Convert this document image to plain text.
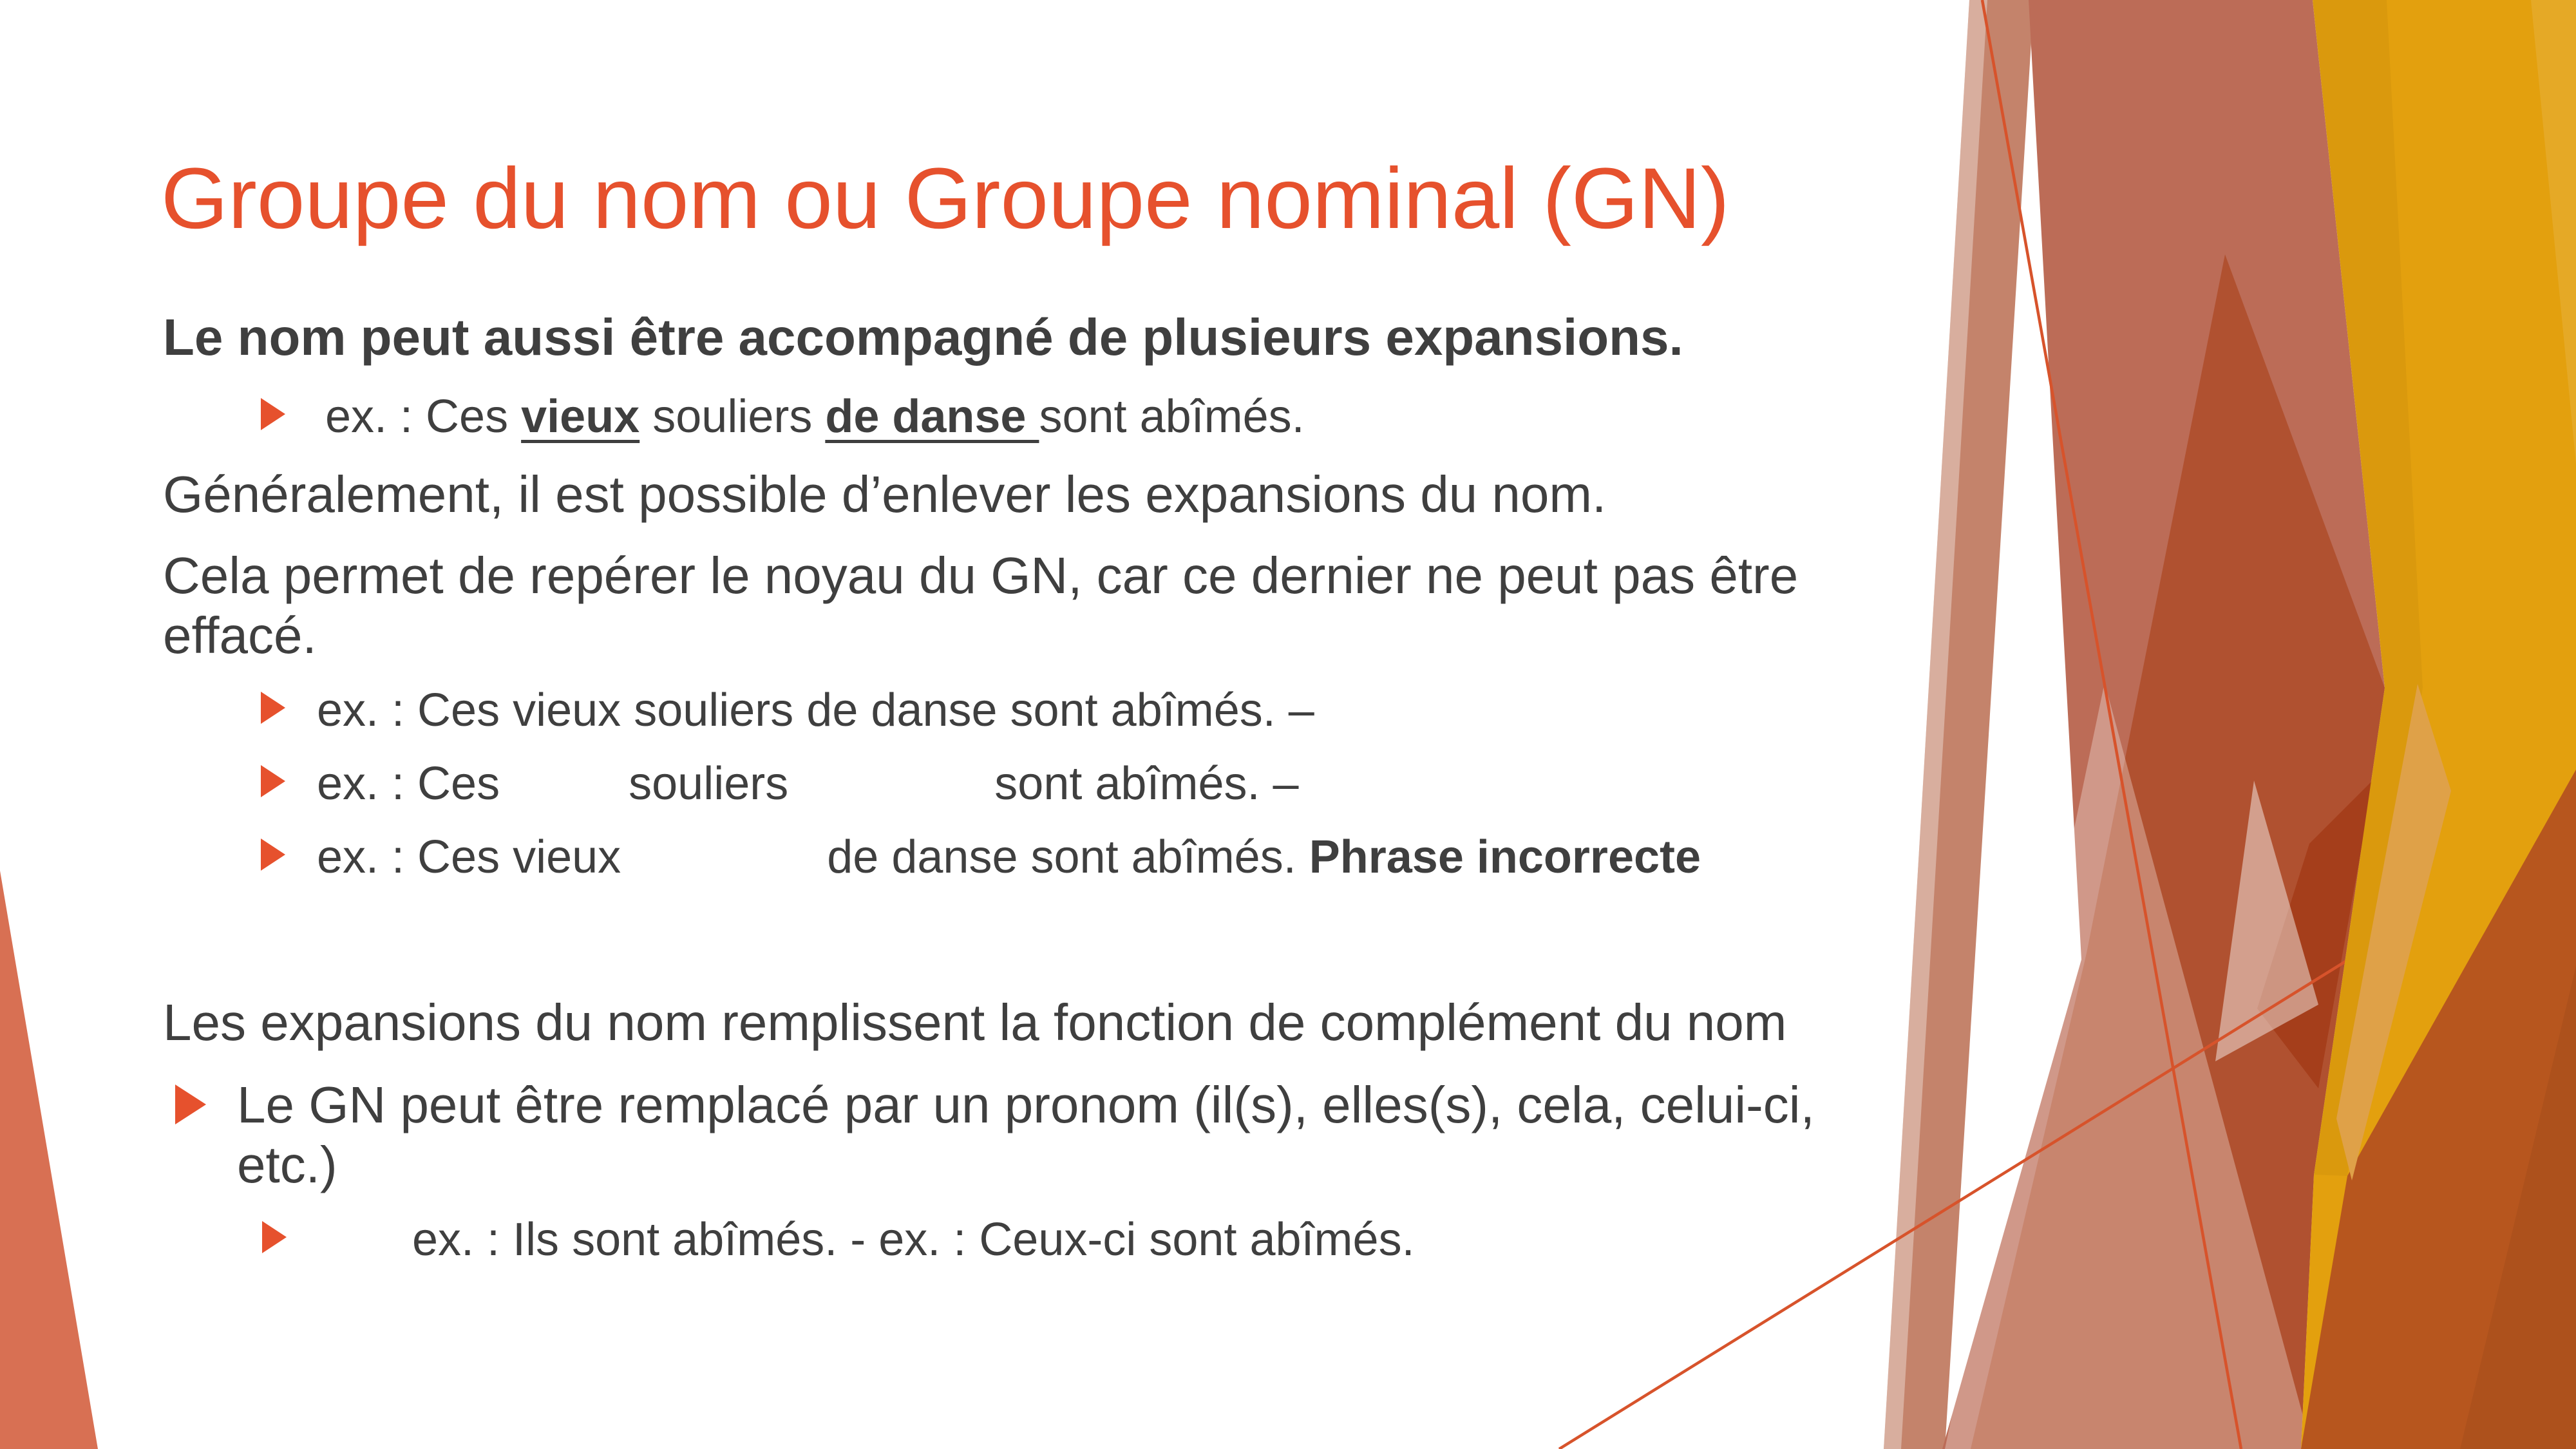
Groupe du nom ou Groupe nominal (GN)
Le nom peut aussi être accompagné de plusieurs expansions.
ex. : Ces vieux souliers de danse sont abîmés.
Généralement, il est possible d’enlever les expansions du nom.
Cela permet de repérer le noyau du GN, car ce dernier ne peut pas être effacé.
ex. : Ces vieux souliers de danse sont abîmés. –
ex. : Ces          souliers                sont abîmés. –
ex. : Ces vieux                de danse sont abîmés. Phrase incorrecte
Les expansions du nom remplissent la fonction de complément du nom
Le GN peut être remplacé par un pronom (il(s), elles(s), cela, celui-ci, etc.)
ex. : Ils sont abîmés. - ex. : Ceux-ci sont abîmés.
